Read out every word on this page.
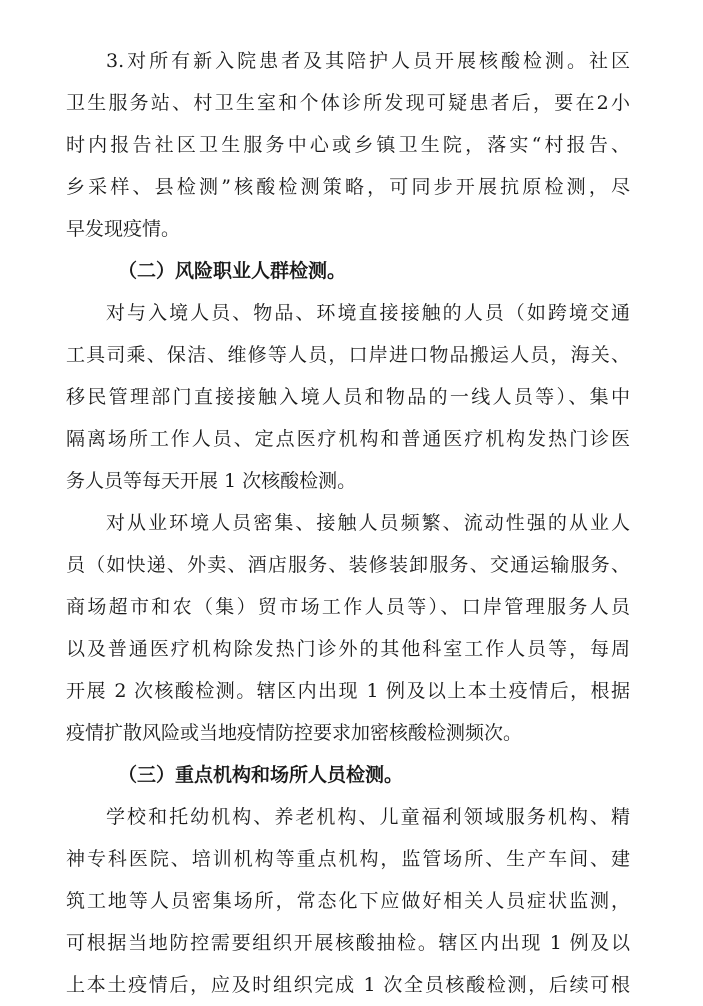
3.对所有新入院患者及其陪护人员开展核酸检测。社区
卫生服务站、村卫生室和个体诊所发现可疑患者后，要在2小
时内报告社区卫生服务中心或乡镇卫生院，落实“村报告、
乡采样、县检测”核酸检测策略，可同步开展抗原检测，尽
早发现疫情。
（二）风险职业人群检测。
对与入境人员、物品、环境直接接触的人员（如跨境交通
工具司乘、保洁、维修等人员，口岸进口物品搬运人员，海关、
移民管理部门直接接触入境人员和物品的一线人员等）、集中
隔离场所工作人员、定点医疗机构和普通医疗机构发热门诊医
务人员等每天开展 1 次核酸检测。
对从业环境人员密集、接触人员频繁、流动性强的从业人
员（如快递、外卖、酒店服务、装修装卸服务、交通运输服务、
商场超市和农（集）贸市场工作人员等）、口岸管理服务人员
以及普通医疗机构除发热门诊外的其他科室工作人员等，每周
开展 2 次核酸检测。辖区内出现 1 例及以上本土疫情后，根据
疫情扩散风险或当地疫情防控要求加密核酸检测频次。
（三）重点机构和场所人员检测。
学校和托幼机构、养老机构、儿童福利领域服务机构、精
神专科医院、培训机构等重点机构，监管场所、生产车间、建
筑工地等人员密集场所，常态化下应做好相关人员症状监测，
可根据当地防控需要组织开展核酸抽检。辖区内出现 1 例及以
上本土疫情后，应及时组织完成 1 次全员核酸检测，后续可根
